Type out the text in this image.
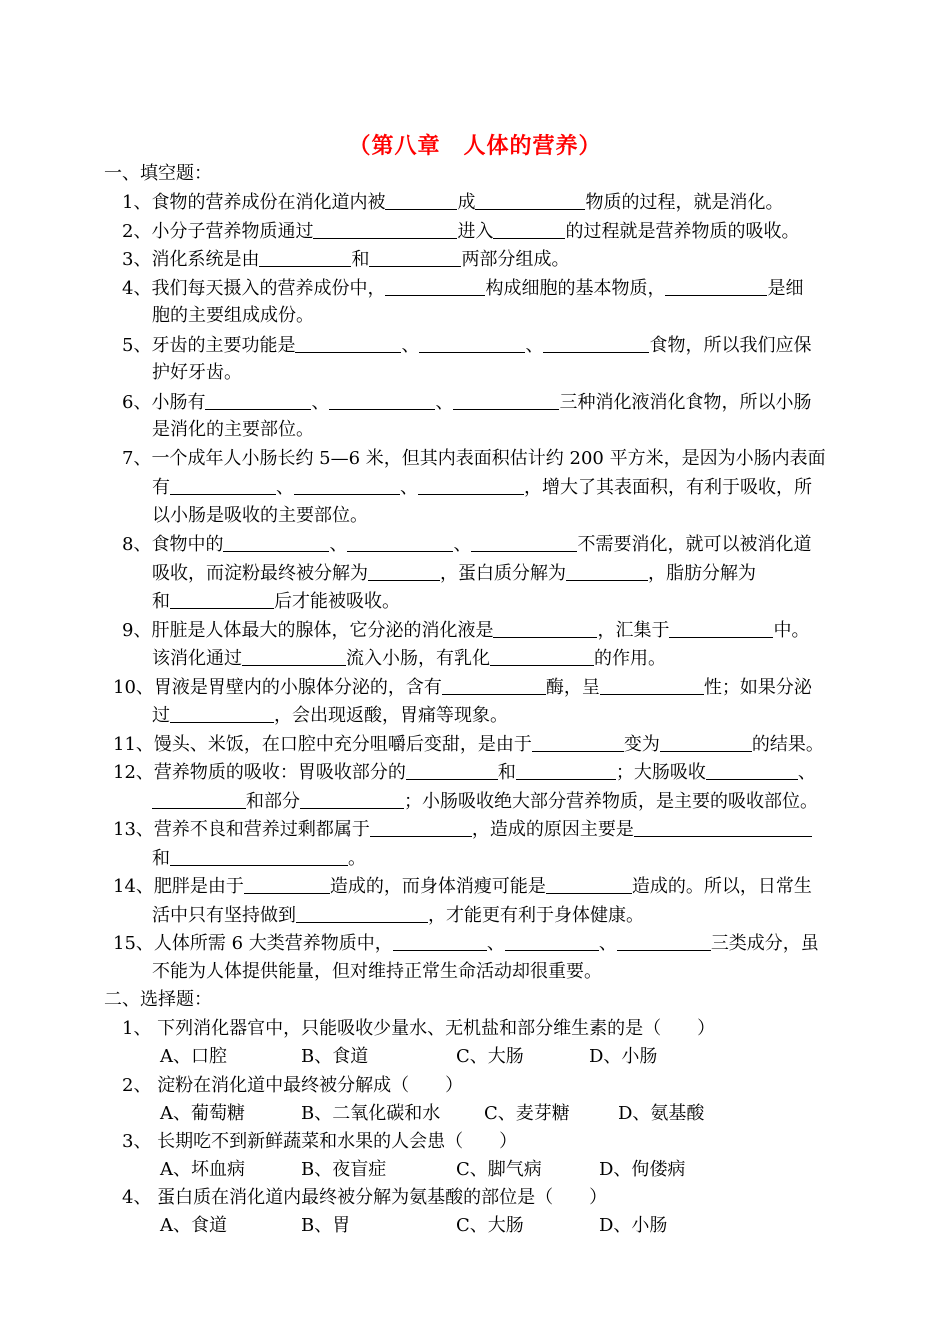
（第八章　人体的营养）
一、填空题：
1、食物的营养成份在消化道内被	成	物质的过程，就是消化。
2、小分子营养物质通过	进入	的过程就是营养物质的吸收。
3、消化系统是由	和	两部分组成。
4、我们每天摄入的营养成份中，	构成细胞的基本物质，	是细
胞的主要组成成份。
5、牙齿的主要功能是	、	、	食物，所以我们应保
护好牙齿。
6、小肠有	、	、	三种消化液消化食物，所以小肠
是消化的主要部位。
7、一个成年人小肠长约 5—6 米，但其内表面积估计约 200 平方米，是因为小肠内表面
有	、	、	，增大了其表面积，有利于吸收，所
以小肠是吸收的主要部位。
8、食物中的	、	、	不需要消化，就可以被消化道
吸收，而淀粉最终被分解为	，蛋白质分解为	，脂肪分解为
和	后才能被吸收。
9、肝脏是人体最大的腺体，它分泌的消化液是	，汇集于	中。
该消化通过	流入小肠，有乳化	的作用。
10、胃液是胃壁内的小腺体分泌的，含有	酶，呈	性；如果分泌
过	，会出现返酸，胃痛等现象。
11、馒头、米饭，在口腔中充分咀嚼后变甜，是由于	变为	的结果。
12、营养物质的吸收：胃吸收部分的	和	；大肠吸收	、
和部分	；小肠吸收绝大部分营养物质，是主要的吸收部位。
13、营养不良和营养过剩都属于	，造成的原因主要是
和	。
14、肥胖是由于	造成的，而身体消瘦可能是	造成的。所以，日常生
活中只有坚持做到	，才能更有利于身体健康。
15、人体所需 6 大类营养物质中，	、	、	三类成分，虽
不能为人体提供能量，但对维持正常生命活动却很重要。
二、选择题：
1、 下列消化器官中，只能吸收少量水、无机盐和部分维生素的是（　　）
A、口腔	B、食道	C、大肠	D、小肠
2、 淀粉在消化道中最终被分解成（　　）
A、葡萄糖	B、二氧化碳和水 C、麦芽糖	D、氨基酸
3、 长期吃不到新鲜蔬菜和水果的人会患（　　）
A、坏血病	B、夜盲症	C、脚气病	D、佝偻病
4、 蛋白质在消化道内最终被分解为氨基酸的部位是（　　）
A、食道	B、胃	C、大肠	D、小肠
